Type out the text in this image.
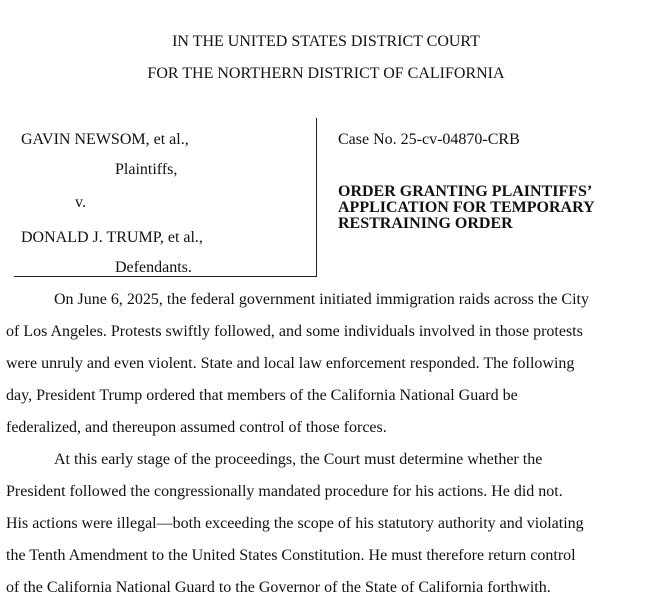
IN THE UNITED STATES DISTRICT COURT
FOR THE NORTHERN DISTRICT OF CALIFORNIA
GAVIN NEWSOM, et al.,
Plaintiffs,
v.
DONALD J. TRUMP, et al.,
Defendants.
Case No. 25-cv-04870-CRB
ORDER GRANTING PLAINTIFFS’
APPLICATION FOR TEMPORARY
RESTRAINING ORDER
On June 6, 2025, the federal government initiated immigration raids across the City
of Los Angeles. Protests swiftly followed, and some individuals involved in those protests
were unruly and even violent. State and local law enforcement responded. The following
day, President Trump ordered that members of the California National Guard be
federalized, and thereupon assumed control of those forces.
At this early stage of the proceedings, the Court must determine whether the
President followed the congressionally mandated procedure for his actions. He did not.
His actions were illegal—both exceeding the scope of his statutory authority and violating
the Tenth Amendment to the United States Constitution. He must therefore return control
of the California National Guard to the Governor of the State of California forthwith.
